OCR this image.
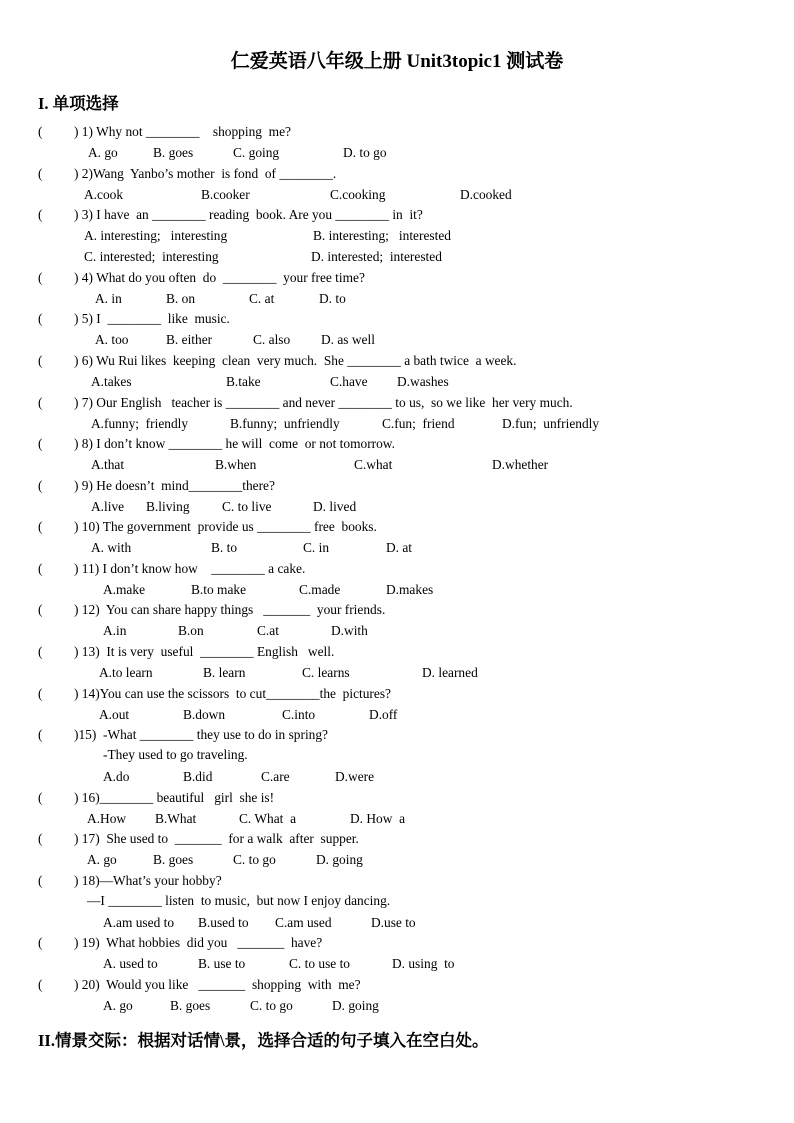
仁爱英语八年级上册 Unit3topic1 测试卷
I. 单项选择
( ) 1) Why not ________    shopping  me?
A. go	B. goes	C. going	D. to go
( ) 2)Wang  Yanbo’s mother  is fond  of ________.
A.cook	B.cooker	C.cooking	D.cooked
( ) 3) I have  an ________ reading  book. Are you ________ in  it?
A. interesting;   interesting	B. interesting;   interested
C. interested;  interesting	D. interested;  interested
( ) 4) What do you often  do  ________  your free time?
A. in	B. on	C. at	D. to
( ) 5) I  ________  like  music.
A. too	B. either	C. also D. as well
( ) 6) Wu Rui likes  keeping  clean  very much.  She ________ a bath twice  a week.
A.takes	B.take	C.have D.washes
( ) 7) Our English   teacher is ________ and never ________ to us,  so we like  her very much.
A.funny;  friendly	B.funny;  unfriendly	C.fun;  friend	D.fun;  unfriendly
( ) 8) I don’t know ________ he will  come  or not tomorrow.
A.that	B.when	C.what	D.whether
( ) 9) He doesn’t  mind________there?
A.live B.living C. to live	D. lived
( ) 10) The government  provide us ________ free  books.
A. with	B. to	C. in	D. at
( ) 11) I don’t know how    ________ a cake.
A.make	B.to make	C.made	D.makes
( ) 12)  You can share happy things   _______  your friends.
A.in	B.on	C.at	D.with
( ) 13)  It is very  useful  ________ English   well.
A.to learn	B. learn	C. learns	D. learned
( ) 14)You can use the scissors  to cut________the  pictures?
A.out	B.down	C.into	D.off
( )15)  -What ________ they use to do in spring?
-They used to go traveling.
A.do	B.did	C.are	D.were
( ) 16)________ beautiful   girl  she is!
A.How B.What	C. What  a	D. How  a
( ) 17)  She used to  _______  for a walk  after  supper.
A. go	B. goes	C. to go	D. going
( ) 18)—What’s your hobby?
—I ________ listen  to music,  but now I enjoy dancing.
A.am used to B.used to C.am used	D.use to
( ) 19)  What hobbies  did you   _______  have?
A. used to	B. use to	C. to use to	D. using  to
( ) 20)  Would you like   _______  shopping  with  me?
A. go	B. goes	C. to go	D. going
II.情景交际：根据对话情\景，选择合适的句子填入在空白处。
